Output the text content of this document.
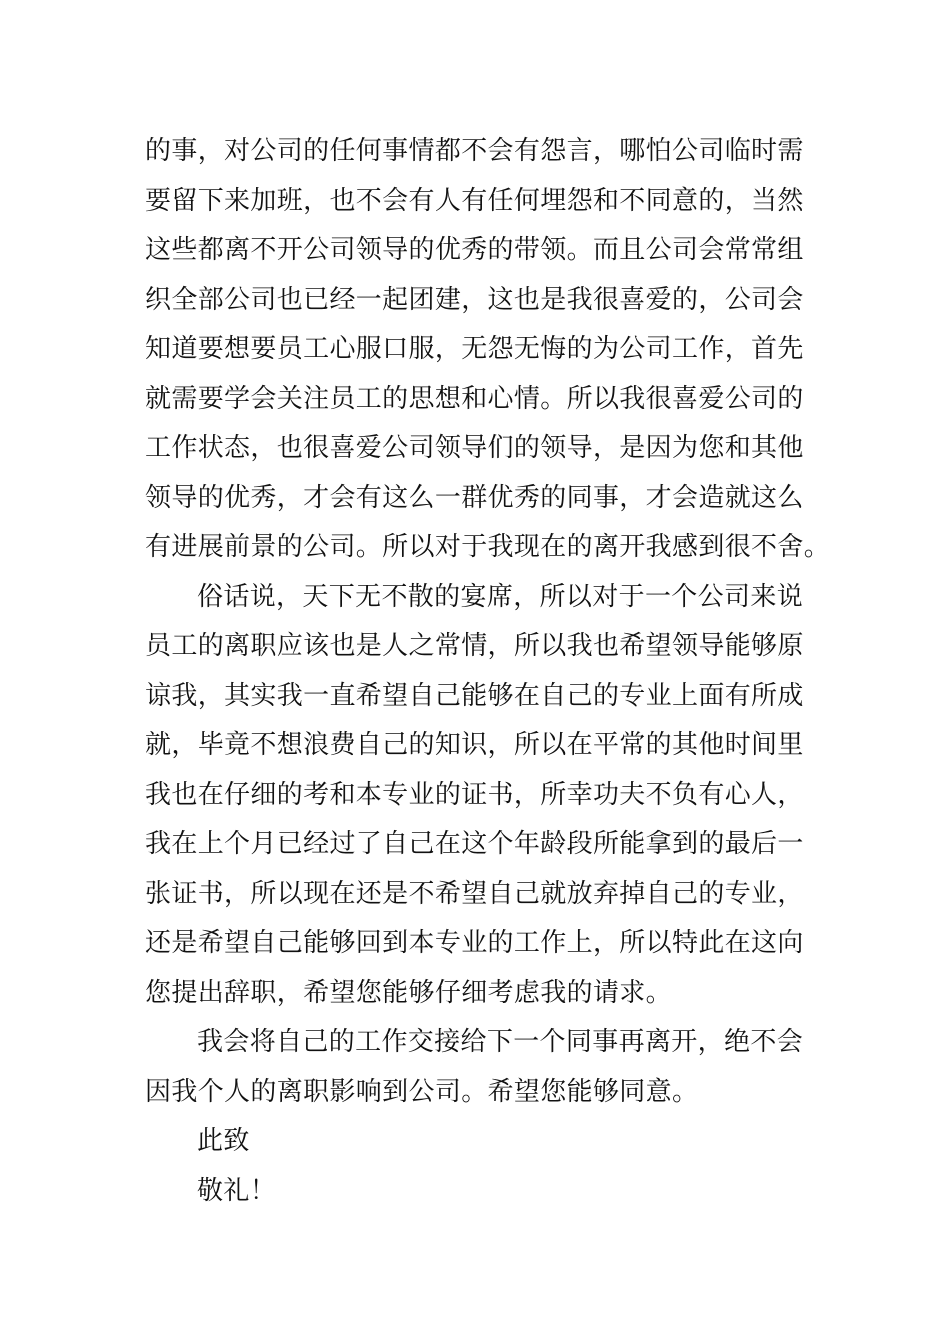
的事，对公司的任何事情都不会有怨言，哪怕公司临时需
要留下来加班，也不会有人有任何埋怨和不同意的，当然
这些都离不开公司领导的优秀的带领。而且公司会常常组
织全部公司也已经一起团建，这也是我很喜爱的，公司会
知道要想要员工心服口服，无怨无悔的为公司工作，首先
就需要学会关注员工的思想和心情。所以我很喜爱公司的
工作状态，也很喜爱公司领导们的领导，是因为您和其他
领导的优秀，才会有这么一群优秀的同事，才会造就这么
有进展前景的公司。所以对于我现在的离开我感到很不舍。
俗话说，天下无不散的宴席，所以对于一个公司来说
员工的离职应该也是人之常情，所以我也希望领导能够原
谅我，其实我一直希望自己能够在自己的专业上面有所成
就，毕竟不想浪费自己的知识，所以在平常的其他时间里
我也在仔细的考和本专业的证书，所幸功夫不负有心人，
我在上个月已经过了自己在这个年龄段所能拿到的最后一
张证书，所以现在还是不希望自己就放弃掉自己的专业，
还是希望自己能够回到本专业的工作上，所以特此在这向
您提出辞职，希望您能够仔细考虑我的请求。
我会将自己的工作交接给下一个同事再离开，绝不会
因我个人的离职影响到公司。希望您能够同意。
此致
敬礼！
